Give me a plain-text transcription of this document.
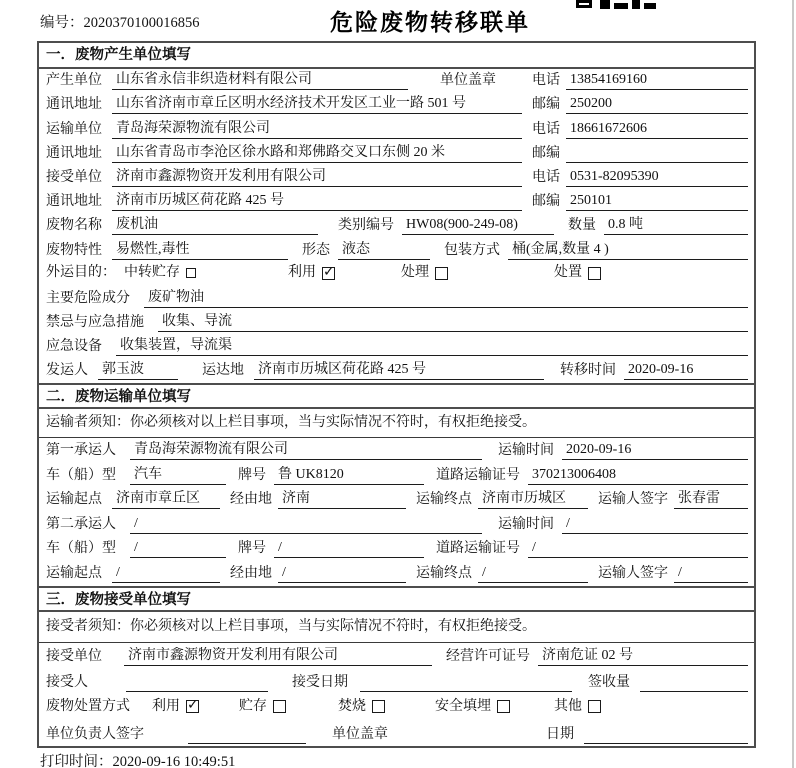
编号：2020370100016856	危险废物转移联单
一．废物产生单位填写
产生单位	山东省永信非织造材料有限公司	单位盖章	电话 13854169160
通讯地址	山东省济南市章丘区明水经济技术开发区工业一路 501 号	邮编 250200
运输单位	青岛海荣源物流有限公司	电话 18661672606
通讯地址	山东省青岛市李沧区徐水路和郑佛路交叉口东侧 20 米	邮编
接受单位	济南市鑫源物资开发利用有限公司	电话 0531-82095390
通讯地址	济南市历城区荷花路 425 号	邮编 250101
废物名称	废机油	类别编号 HW08(900-249-08)	数量 0.8 吨
废物特性	易燃性,毒性	形态 液态	包装方式 桶(金属,数量 4 )
外运目的： 中转贮存	利用 ✓	处理	处置
主要危险成分	废矿物油
禁忌与应急措施	收集、导流
应急设备	收集装置，导流渠
发运人	郭玉波	运达地 济南市历城区荷花路 425 号	转移时间 2020-09-16
二．废物运输单位填写
运输者须知：你必须核对以上栏目事项，当与实际情况不符时，有权拒绝接受。
第一承运人	青岛海荣源物流有限公司	运输时间 2020-09-16
车（船）型	汽车	牌号 鲁 UK8120	道路运输证号 370213006408
运输起点	济南市章丘区	经由地 济南	运输终点 济南市历城区	运输人签字 张春雷
第二承运人	/	运输时间 /
车（船）型	/	牌号 /	道路运输证号 /
运输起点	/	经由地 /	运输终点 /	运输人签字 /
三．废物接受单位填写
接受者须知：你必须核对以上栏目事项，当与实际情况不符时，有权拒绝接受。
接受单位	济南市鑫源物资开发利用有限公司	经营许可证号 济南危证 02 号
接受人	接受日期	签收量
废物处置方式 利用 ✓	贮存	焚烧	安全填埋	其他
单位负责人签字	单位盖章	日期
打印时间：2020-09-16 10:49:51
